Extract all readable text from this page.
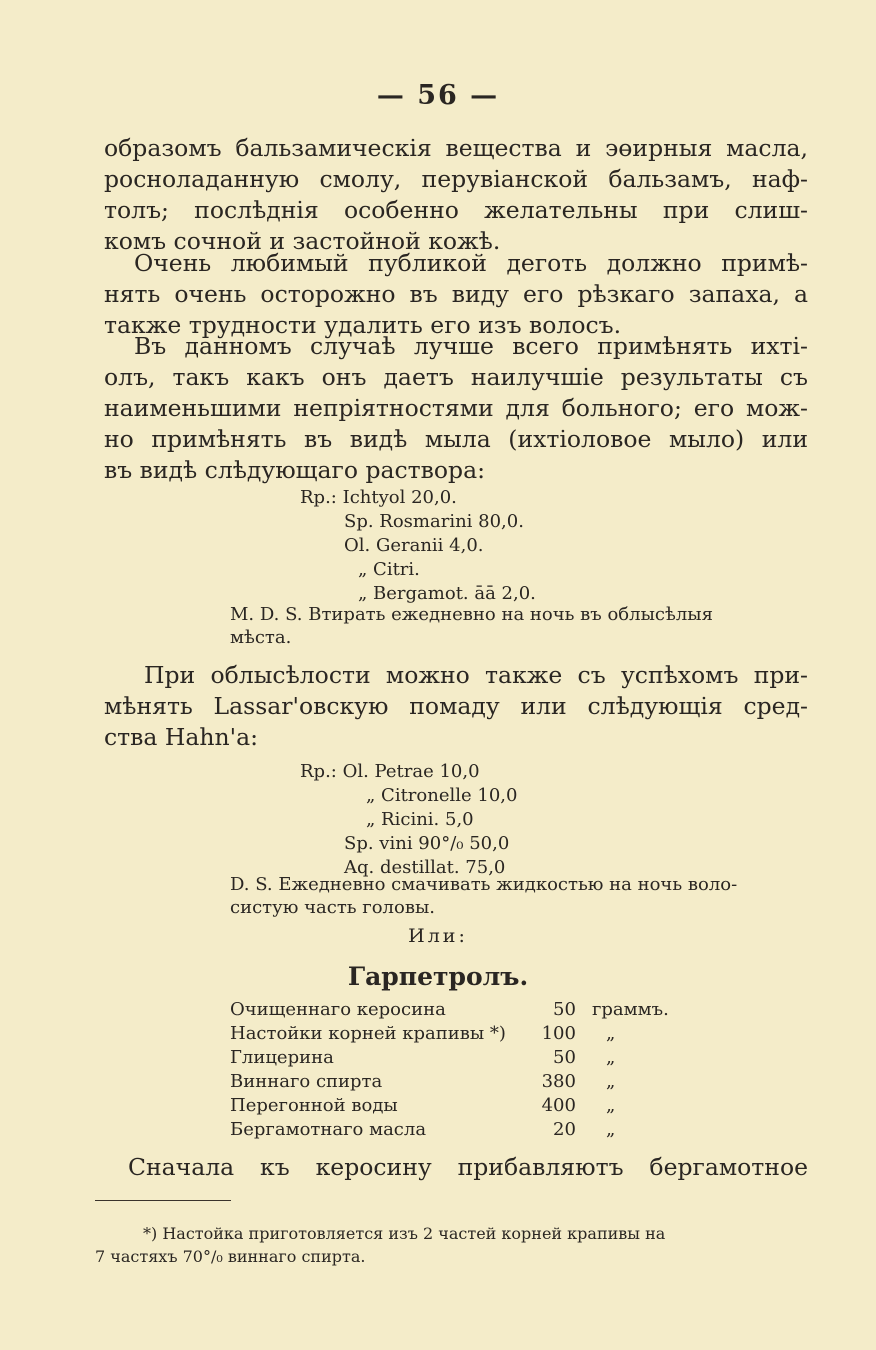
— 56 —
образомъ бальзамическія вещества и эөирныя масла,
росноладанную смолу, перувіанской бальзамъ, наф-
толъ; послѣднія особенно желательны при слиш-
комъ сочной и застойной кожѣ.
Очень любимый публикой деготь должно примѣ-
нять очень осторожно въ виду его рѣзкаго запаха, а
также трудности удалить его изъ волосъ.
Въ данномъ случаѣ лучше всего примѣнять ихті-
олъ, такъ какъ онъ даетъ наилучшіе результаты съ
наименьшими непріятностями для больного; его мож-
но примѣнять въ видѣ мыла (ихтіоловое мыло) или
въ видѣ слѣдующаго раствора:
Rp.: Ichtyol 20,0.
Sp. Rosmarini 80,0.
Ol. Geranii 4,0.
„ Citri.
„ Bergamot. āā 2,0.
M. D. S. Втирать ежедневно на ночь въ облысѣлыя
мѣста.
При облысѣлости можно также съ успѣхомъ при-
мѣнять Lassar'овскую помаду или слѣдующія сред-
ства Hahn'a:
Rp.: Ol. Petrae 10,0
„ Citronelle 10,0
„ Ricini. 5,0
Sp. vini 90°/₀ 50,0
Aq. destillat. 75,0
D. S. Ежедневно смачивать жидкостью на ночь воло-
систую часть головы.
Или:
Гарпетролъ.
Очищеннаго керосина	50	граммъ.
Настойки корней крапивы *)	100	„
Глицерина	50	„
Виннаго спирта	380	„
Перегонной воды	400	„
Бергамотнаго масла	20	„
Сначала къ керосину прибавляютъ бергамотное
*) Настойка приготовляется изъ 2 частей корней крапивы на
7 частяхъ 70°/₀ виннаго спирта.
